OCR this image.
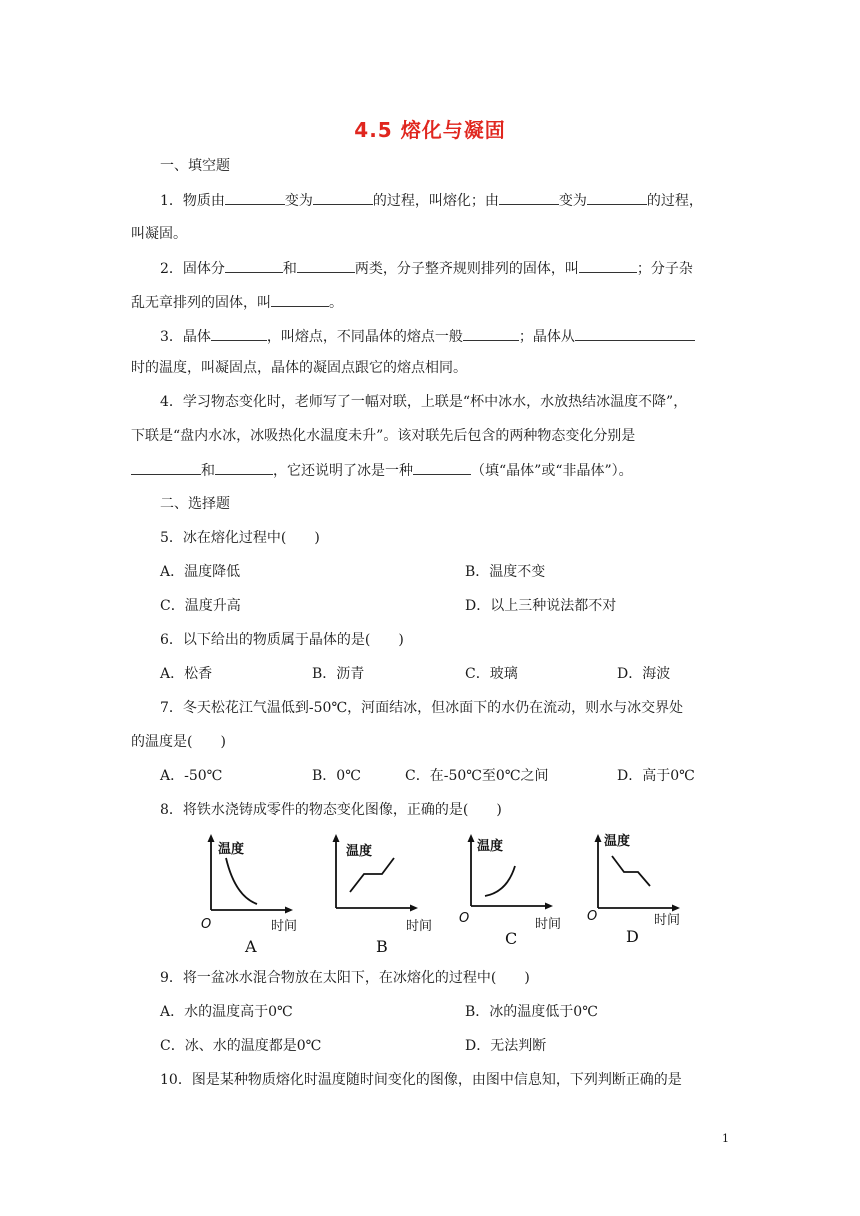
4.5 熔化与凝固
一、填空题
1．物质由	变为	的过程，叫熔化；由	变为	的过程，
叫凝固。
2．固体分	和	两类，分子整齐规则排列的固体，叫	；分子杂
乱无章排列的固体，叫	。
3．晶体	，叫熔点，不同晶体的熔点一般	；晶体从
时的温度，叫凝固点，晶体的凝固点跟它的熔点相同。
4．学习物态变化时，老师写了一幅对联，上联是“杯中冰水，水放热结冰温度不降”，
下联是“盘内水冰，冰吸热化水温度未升”。该对联先后包含的两种物态变化分别是
和	，它还说明了冰是一种	（填“晶体”或“非晶体”）。
二、选择题
5．冰在熔化过程中(　　)
A．温度降低	B．温度不变
C．温度升高	D．以上三种说法都不对
6．以下给出的物质属于晶体的是(　　)
A．松香	B．沥青	C．玻璃	D．海波
7．冬天松花江气温低到-50℃，河面结冰，但冰面下的水仍在流动，则水与冰交界处
的温度是(　　)
A．-50℃	B．0℃	C．在-50℃至0℃之间	D．高于0℃
8．将铁水浇铸成零件的物态变化图像，正确的是(　　)
温度
时间
O
A
温度
时间
B
温度
时间
O
C
温度
时间
O
D
9．将一盆冰水混合物放在太阳下，在冰熔化的过程中(　　)
A．水的温度高于0℃	B．冰的温度低于0℃
C．冰、水的温度都是0℃	D．无法判断
10．图是某种物质熔化时温度随时间变化的图像，由图中信息知，下列判断正确的是
1
